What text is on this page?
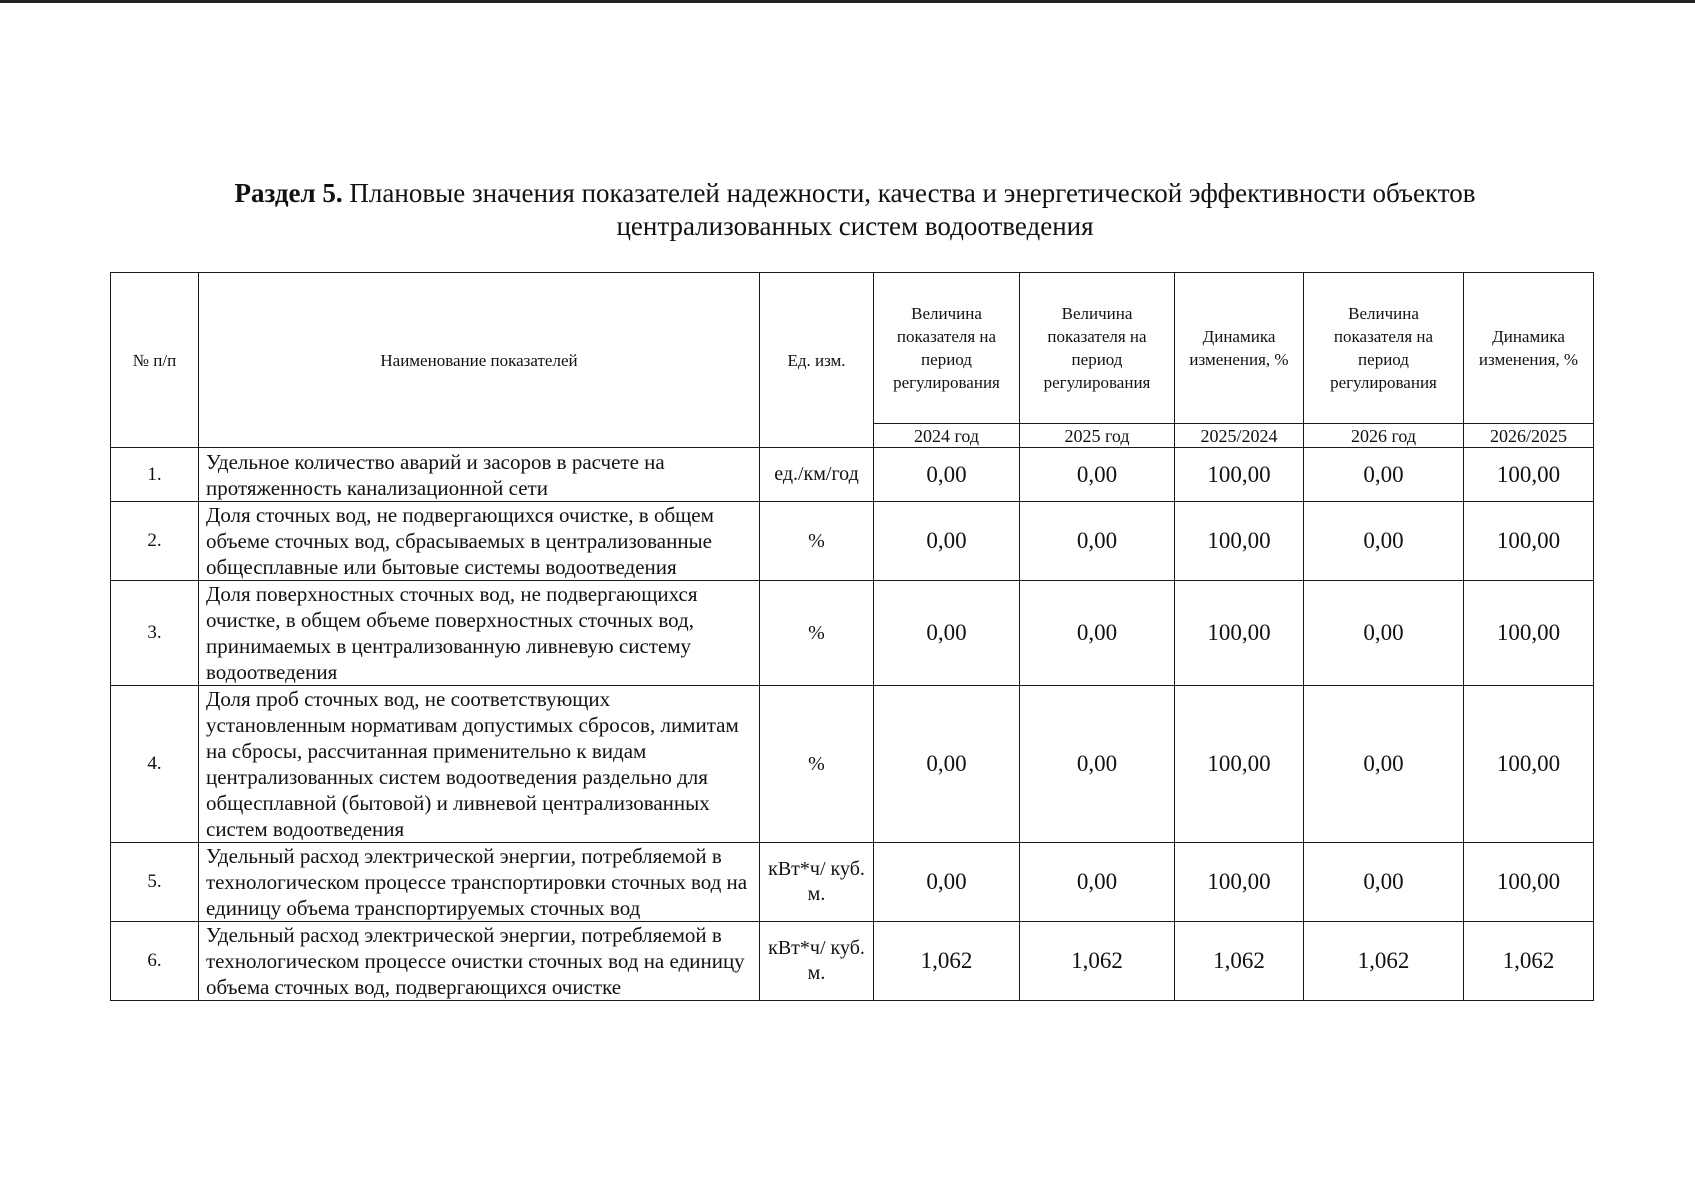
Раздел 5. Плановые значения показателей надежности, качества и энергетической эффективности объектов
централизованных систем водоотведения
№ п/п	Наименование показателей	Ед. изм.	Величина показателя на период регулирования	Величина показателя на период регулирования	Динамика изменения, %	Величина показателя на период регулирования	Динамика изменения, %
			2024 год	2025 год	2025/2024	2026 год	2026/2025
1.	Удельное количество аварий и засоров в расчете на протяженность канализационной сети	ед./км/год	0,00	0,00	100,00	0,00	100,00
2.	Доля сточных вод, не подвергающихся очистке, в общем объеме сточных вод, сбрасываемых в централизованные общесплавные или бытовые системы водоотведения	%	0,00	0,00	100,00	0,00	100,00
3.	Доля поверхностных сточных вод, не подвергающихся очистке, в общем объеме поверхностных сточных вод, принимаемых в централизованную ливневую систему водоотведения	%	0,00	0,00	100,00	0,00	100,00
4.	Доля проб сточных вод, не соответствующих установленным нормативам допустимых сбросов, лимитам на сбросы, рассчитанная применительно к видам централизованных систем водоотведения раздельно для общесплавной (бытовой) и ливневой централизованных систем водоотведения	%	0,00	0,00	100,00	0,00	100,00
5.	Удельный расход электрической энергии, потребляемой в технологическом процессе транспортировки сточных вод на единицу объема транспортируемых сточных вод	кВт*ч/ куб. м.	0,00	0,00	100,00	0,00	100,00
6.	Удельный расход электрической энергии, потребляемой в технологическом процессе очистки сточных вод на единицу объема сточных вод, подвергающихся очистке	кВт*ч/ куб. м.	1,062	1,062	1,062	1,062	1,062
